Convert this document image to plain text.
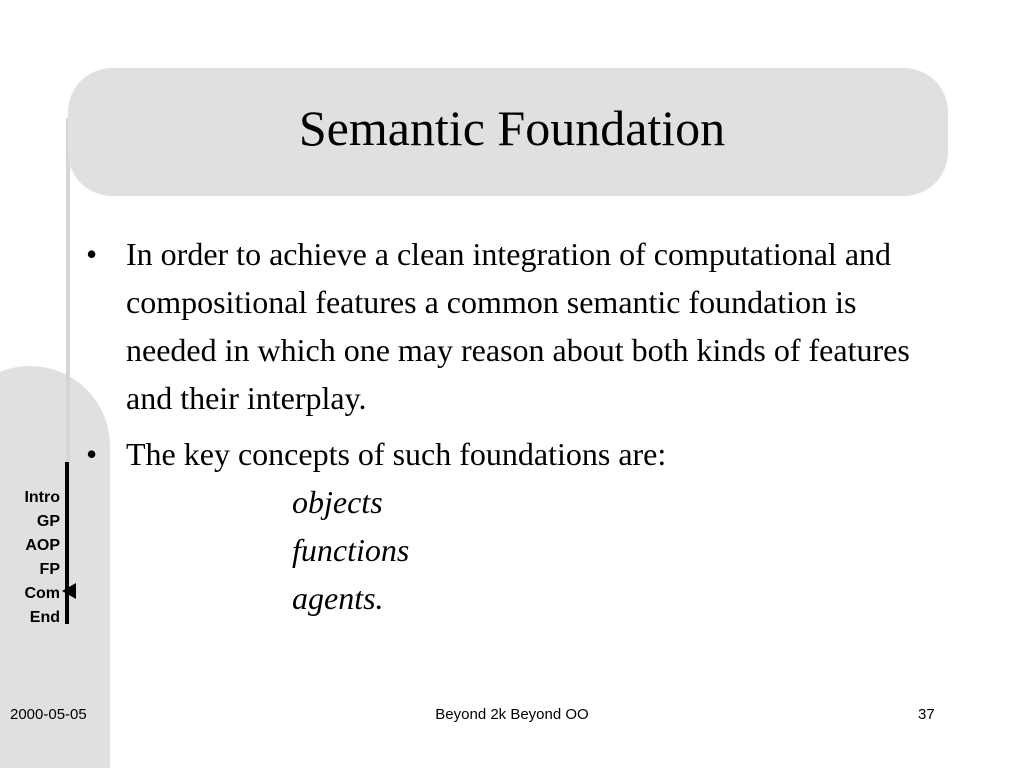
Semantic Foundation
• In order to achieve a clean integration of computational and compositional features a common semantic foundation is needed in which one may reason about both kinds of features and their interplay.
• The key concepts of such foundations are:
objects
functions
agents.
Intro
GP
AOP
FP
Com
End
2000-05-05	Beyond 2k Beyond OO	37
